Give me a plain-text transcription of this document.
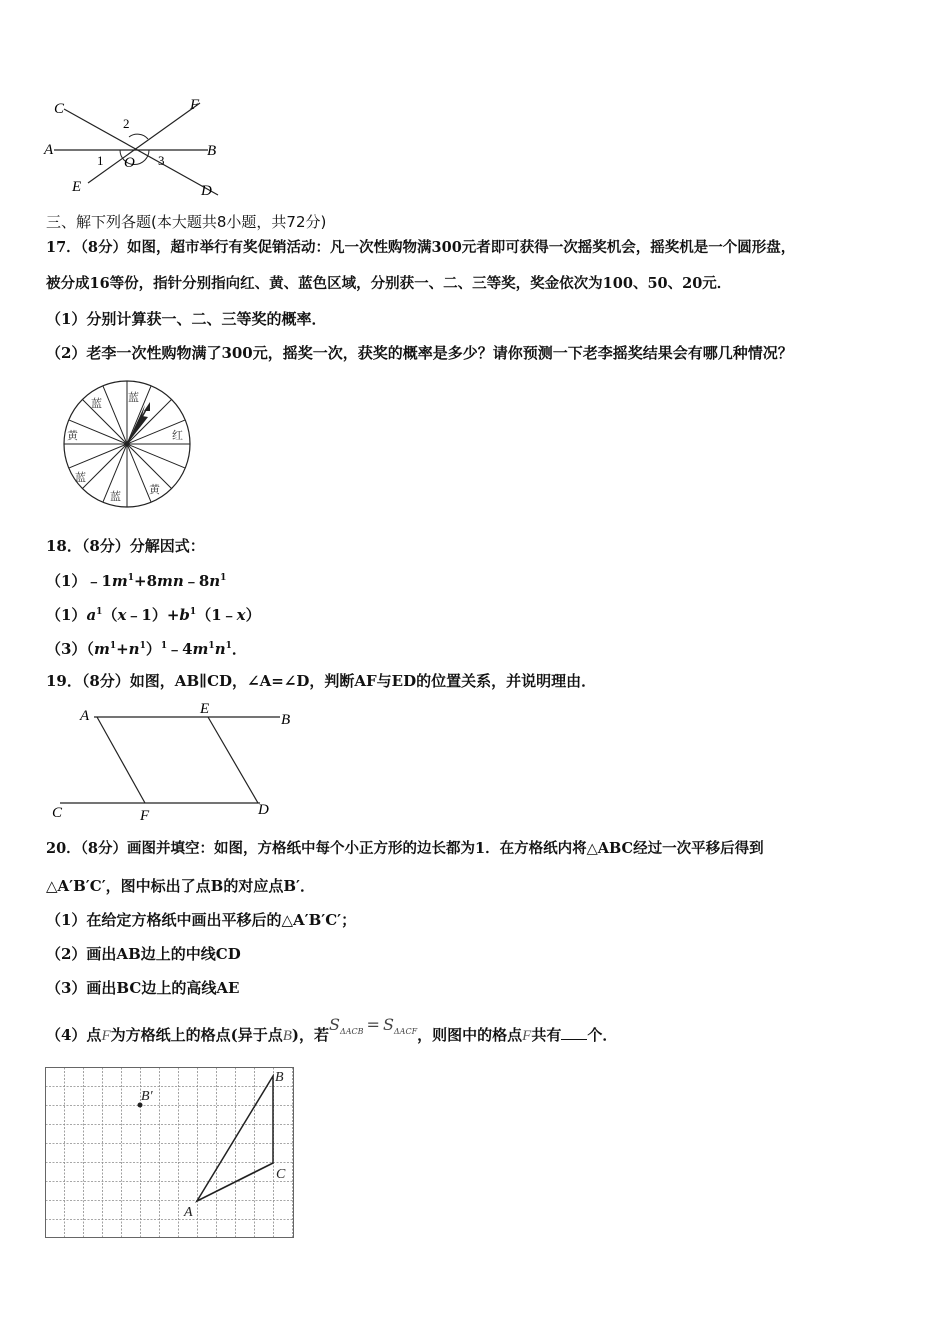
C	F
A	B
E	D
O
1
2
3
三、解下列各题(本大题共8小题，共72分)
17．（8分）如图，超市举行有奖促销活动：凡一次性购物满300元者即可获得一次摇奖机会，摇奖机是一个圆形盘，
被分成16等份，指针分别指向红、黄、蓝色区域，分别获一、二、三等奖，奖金依次为100、50、20元．
（1）分别计算获一、二、三等奖的概率．
（2）老李一次性购物满了300元，摇奖一次，获奖的概率是多少？请你预测一下老李摇奖结果会有哪几种情况？
蓝 蓝
黄	红
蓝
蓝
黄
18．（8分）分解因式：
$(1)﹣1m^1+8mn﹣8n^1$
$(1)a^1(x﹣1)+b^1(1﹣x)$
$(3)(m^1+n^1)^1﹣4m^1n^1$．
19．（8分）如图，AB∥CD，∠A=∠D，判断AF与ED的位置关系，并说明理由．
A	E
B
C	F	D
20．（8分）画图并填空：如图，方格纸中每个小正方形的边长都为1．在方格纸内将△ABC经过一次平移后得到
△A′B′C′，图中标出了点B的对应点B′．
（1）在给定方格纸中画出平移后的△A′B′C′；
（2）画出AB边上的中线CD
（3）画出BC边上的高线AE
（4）点F为方格纸上的格点(异于点B)，若$S_{\Delta ACB} = S_{\Delta ACF}$，则图中的格点F共有 个．
B
B′
C
A
